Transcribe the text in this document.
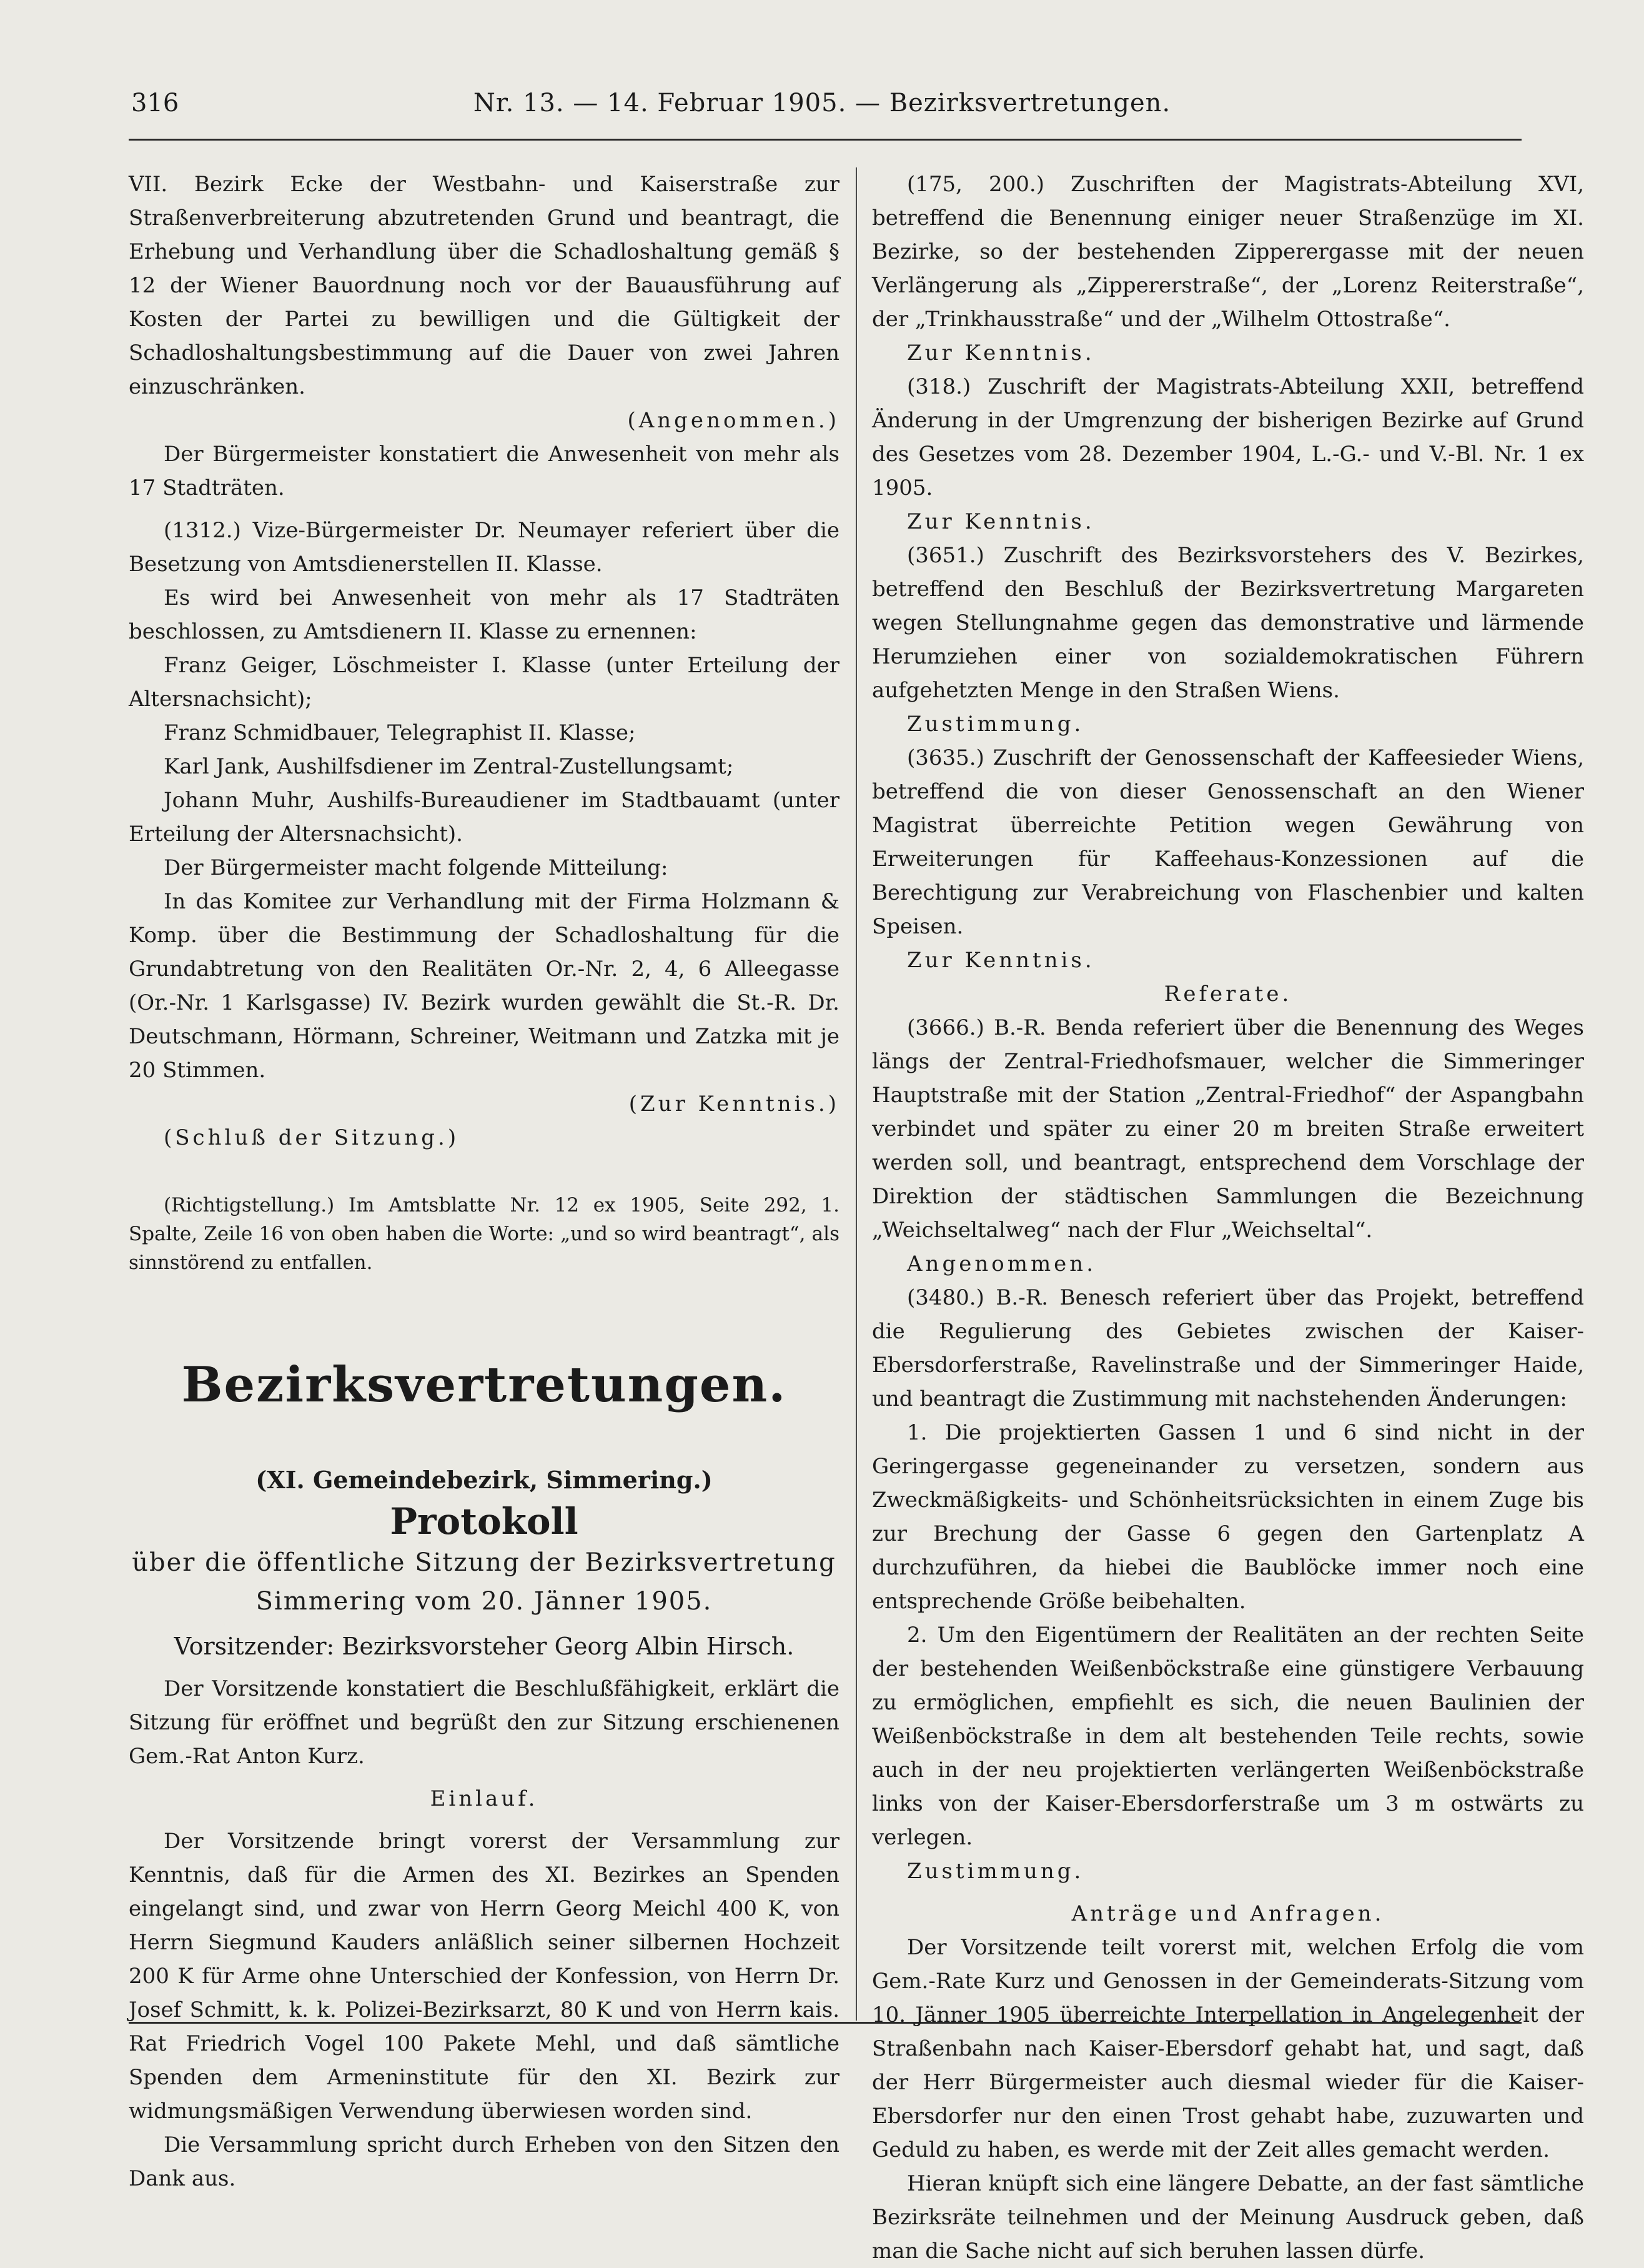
316	Nr. 13. — 14. Februar 1905. — Bezirksvertretungen.

VII. Bezirk Ecke der Westbahn- und Kaiserstraße zur Straßenverbreiterung abzutretenden Grund und beantragt, die Erhebung und Verhandlung über die Schadloshaltung gemäß § 12 der Wiener Bauordnung noch vor der Bauausführung auf Kosten der Partei zu bewilligen und die Gültigkeit der Schadloshaltungsbestimmung auf die Dauer von zwei Jahren einzuschränken.

(Angenommen.)

Der Bürgermeister konstatiert die Anwesenheit von mehr als 17 Stadträten.

(1312.) Vize-Bürgermeister Dr. Neumayer referiert über die Besetzung von Amtsdienerstellen II. Klasse.

Es wird bei Anwesenheit von mehr als 17 Stadträten beschlossen, zu Amtsdienern II. Klasse zu ernennen:

Franz Geiger, Löschmeister I. Klasse (unter Erteilung der Altersnachsicht);

Franz Schmidbauer, Telegraphist II. Klasse;

Karl Jank, Aushilfsdiener im Zentral-Zustellungsamt;

Johann Muhr, Aushilfs-Bureaudiener im Stadtbauamt (unter Erteilung der Altersnachsicht).

Der Bürgermeister macht folgende Mitteilung:

In das Komitee zur Verhandlung mit der Firma Holzmann & Komp. über die Bestimmung der Schadloshaltung für die Grundabtretung von den Realitäten Or.-Nr. 2, 4, 6 Alleegasse (Or.-Nr. 1 Karlsgasse) IV. Bezirk wurden gewählt die St.-R. Dr. Deutschmann, Hörmann, Schreiner, Weitmann und Zatzka mit je 20 Stimmen.

(Zur Kenntnis.)

(Schluß der Sitzung.)

(Richtigstellung.) Im Amtsblatte Nr. 12 ex 1905, Seite 292, 1. Spalte, Zeile 16 von oben haben die Worte: „und so wird beantragt“, als sinnstörend zu entfallen.

Bezirksvertretungen.

(XI. Gemeindebezirk, Simmering.)

Protokoll

über die öffentliche Sitzung der Bezirksvertretung

Simmering vom 20. Jänner 1905.

Vorsitzender: Bezirksvorsteher Georg Albin Hirsch.

Der Vorsitzende konstatiert die Beschlußfähigkeit, erklärt die Sitzung für eröffnet und begrüßt den zur Sitzung erschienenen Gem.-Rat Anton Kurz.

Einlauf.

Der Vorsitzende bringt vorerst der Versammlung zur Kenntnis, daß für die Armen des XI. Bezirkes an Spenden eingelangt sind, und zwar von Herrn Georg Meichl 400 K, von Herrn Siegmund Kauders anläßlich seiner silbernen Hochzeit 200 K für Arme ohne Unterschied der Konfession, von Herrn Dr. Josef Schmitt, k. k. Polizei-Bezirksarzt, 80 K und von Herrn kais. Rat Friedrich Vogel 100 Pakete Mehl, und daß sämtliche Spenden dem Armeninstitute für den XI. Bezirk zur widmungsmäßigen Verwendung überwiesen worden sind.

Die Versammlung spricht durch Erheben von den Sitzen den Dank aus.

(175, 200.) Zuschriften der Magistrats-Abteilung XVI, betreffend die Benennung einiger neuer Straßenzüge im XI. Bezirke, so der bestehenden Zipperergasse mit der neuen Verlängerung als „Zippererstraße“, der „Lorenz Reiterstraße“, der „Trinkhausstraße“ und der „Wilhelm Ottostraße“.

Zur Kenntnis.

(318.) Zuschrift der Magistrats-Abteilung XXII, betreffend Änderung in der Umgrenzung der bisherigen Bezirke auf Grund des Gesetzes vom 28. Dezember 1904, L.-G.- und V.-Bl. Nr. 1 ex 1905.

Zur Kenntnis.

(3651.) Zuschrift des Bezirksvorstehers des V. Bezirkes, betreffend den Beschluß der Bezirksvertretung Margareten wegen Stellungnahme gegen das demonstrative und lärmende Herumziehen einer von sozialdemokratischen Führern aufgehetzten Menge in den Straßen Wiens.

Zustimmung.

(3635.) Zuschrift der Genossenschaft der Kaffeesieder Wiens, betreffend die von dieser Genossenschaft an den Wiener Magistrat überreichte Petition wegen Gewährung von Erweiterungen für Kaffeehaus-Konzessionen auf die Berechtigung zur Verabreichung von Flaschenbier und kalten Speisen.

Zur Kenntnis.

Referate.

(3666.) B.-R. Benda referiert über die Benennung des Weges längs der Zentral-Friedhofsmauer, welcher die Simmeringer Hauptstraße mit der Station „Zentral-Friedhof“ der Aspangbahn verbindet und später zu einer 20 m breiten Straße erweitert werden soll, und beantragt, entsprechend dem Vorschlage der Direktion der städtischen Sammlungen die Bezeichnung „Weichseltalweg“ nach der Flur „Weichseltal“.

Angenommen.

(3480.) B.-R. Benesch referiert über das Projekt, betreffend die Regulierung des Gebietes zwischen der Kaiser-Ebersdorferstraße, Ravelinstraße und der Simmeringer Haide, und beantragt die Zustimmung mit nachstehenden Änderungen:

1. Die projektierten Gassen 1 und 6 sind nicht in der Geringergasse gegeneinander zu versetzen, sondern aus Zweckmäßigkeits- und Schönheitsrücksichten in einem Zuge bis zur Brechung der Gasse 6 gegen den Gartenplatz A durchzuführen, da hiebei die Baublöcke immer noch eine entsprechende Größe beibehalten.

2. Um den Eigentümern der Realitäten an der rechten Seite der bestehenden Weißenböckstraße eine günstigere Verbauung zu ermöglichen, empfiehlt es sich, die neuen Baulinien der Weißenböckstraße in dem alt bestehenden Teile rechts, sowie auch in der neu projektierten verlängerten Weißenböckstraße links von der Kaiser-Ebersdorferstraße um 3 m ostwärts zu verlegen.

Zustimmung.

Anträge und Anfragen.

Der Vorsitzende teilt vorerst mit, welchen Erfolg die vom Gem.-Rate Kurz und Genossen in der Gemeinderats-Sitzung vom 10. Jänner 1905 überreichte Interpellation in Angelegenheit der Straßenbahn nach Kaiser-Ebersdorf gehabt hat, und sagt, daß der Herr Bürgermeister auch diesmal wieder für die Kaiser-Ebersdorfer nur den einen Trost gehabt habe, zuzuwarten und Geduld zu haben, es werde mit der Zeit alles gemacht werden.

Hieran knüpft sich eine längere Debatte, an der fast sämtliche Bezirksräte teilnehmen und der Meinung Ausdruck geben, daß man die Sache nicht auf sich beruhen lassen dürfe.
